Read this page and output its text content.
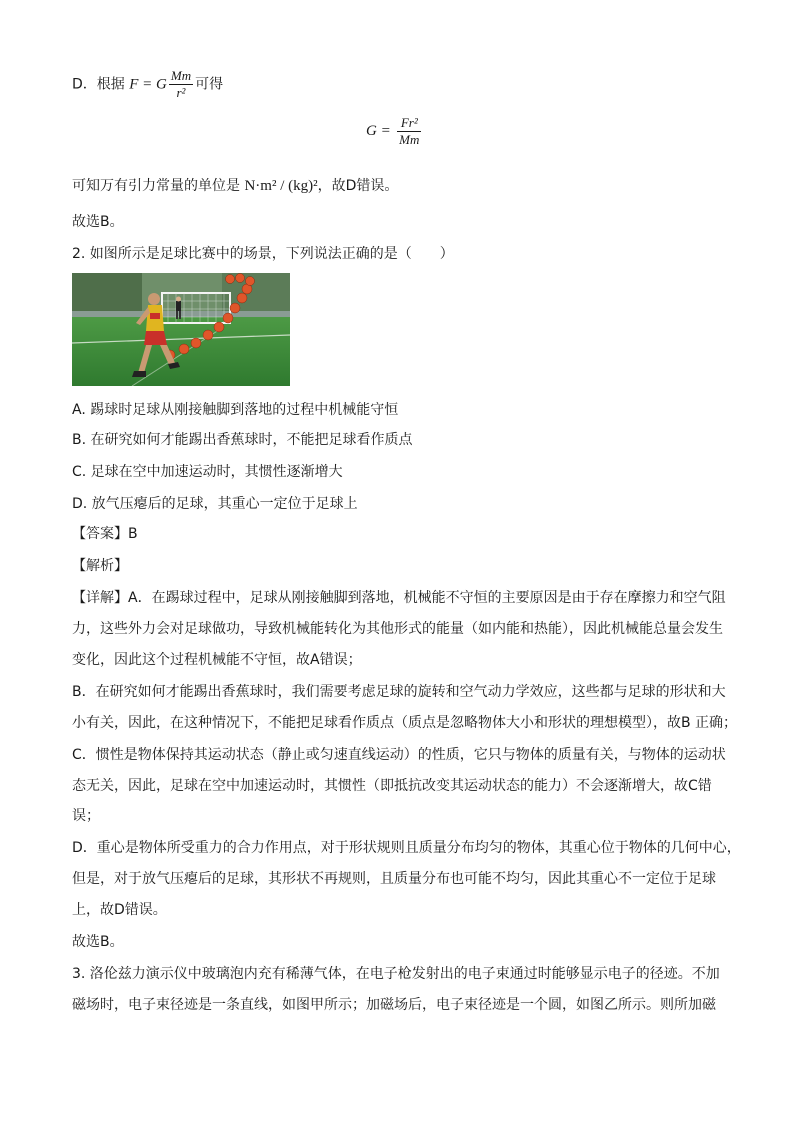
D．根据 F = G $\frac{Mm}{\text{r²}}$ 可得
$G = \frac{\text{Fr²}}{Mm}$
可知万有引力常量的单位是 N·m² / (kg)²，故D错误。
故选B。
2. 如图所示是足球比赛中的场景，下列说法正确的是（　　）
A. 踢球时足球从刚接触脚到落地的过程中机械能守恒
B. 在研究如何才能踢出香蕉球时，不能把足球看作质点
C. 足球在空中加速运动时，其惯性逐渐增大
D. 放气压瘪后的足球，其重心一定位于足球上
【答案】B
【解析】
【详解】A．在踢球过程中，足球从刚接触脚到落地，机械能不守恒的主要原因是由于存在摩擦力和空气阻
力，这些外力会对足球做功，导致机械能转化为其他形式的能量（如内能和热能），因此机械能总量会发生
变化，因此这个过程机械能不守恒，故A错误；
B．在研究如何才能踢出香蕉球时，我们需要考虑足球的旋转和空气动力学效应，这些都与足球的形状和大
小有关，因此，在这种情况下，不能把足球看作质点（质点是忽略物体大小和形状的理想模型），故B 正确；
C．惯性是物体保持其运动状态（静止或匀速直线运动）的性质，它只与物体的质量有关，与物体的运动状
态无关，因此，足球在空中加速运动时，其惯性（即抵抗改变其运动状态的能力）不会逐渐增大，故C错
误；
D．重心是物体所受重力的合力作用点，对于形状规则且质量分布均匀的物体，其重心位于物体的几何中心，
但是，对于放气压瘪后的足球，其形状不再规则，且质量分布也可能不均匀，因此其重心不一定位于足球
上，故D错误。
故选B。
3. 洛伦兹力演示仪中玻璃泡内充有稀薄气体，在电子枪发射出的电子束通过时能够显示电子的径迹。不加
磁场时，电子束径迹是一条直线，如图甲所示；加磁场后，电子束径迹是一个圆，如图乙所示。则所加磁
